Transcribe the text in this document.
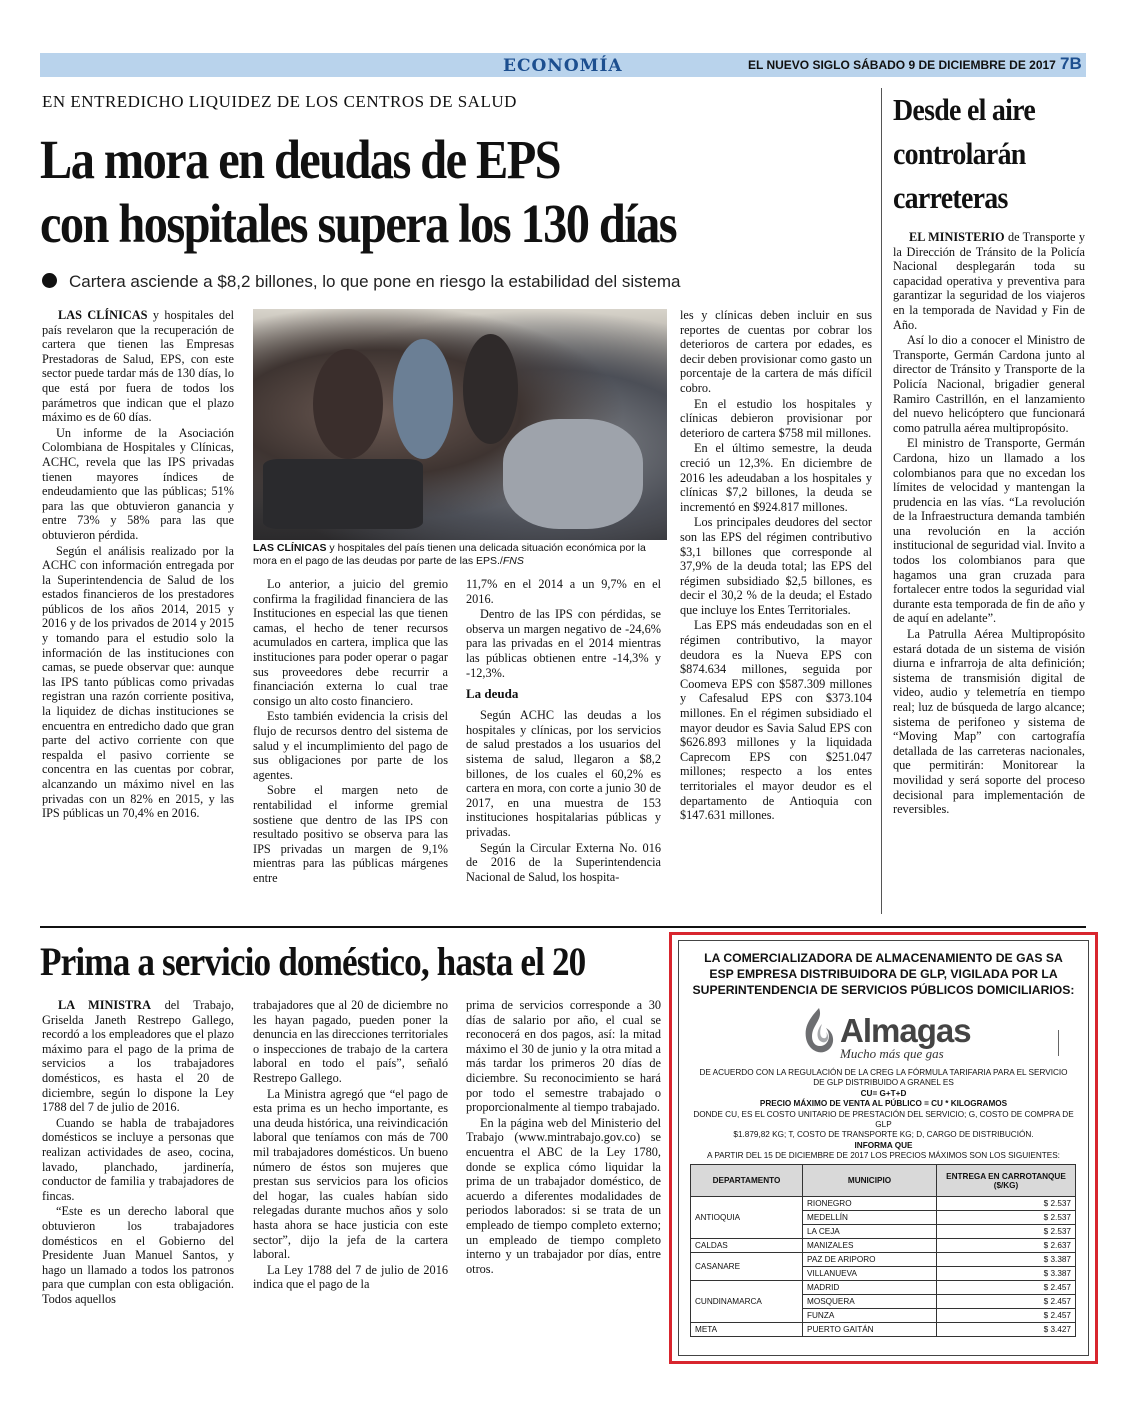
ECONOMÍA	EL NUEVO SIGLO SÁBADO 9 DE DICIEMBRE DE 2017 7B
EN ENTREDICHO LIQUIDEZ DE LOS CENTROS DE SALUD
La mora en deudas de EPS
con hospitales supera los 130 días
Cartera asciende a $8,2 billones, lo que pone en riesgo la estabilidad del sistema

LAS CLÍNICAS y hospitales del país revelaron que la recuperación de cartera que tienen las Empresas Prestadoras de Salud, EPS, con este sector puede tardar más de 130 días, lo que está por fuera de todos los parámetros que indican que el plazo máximo es de 60 días.

Un informe de la Asociación Colombiana de Hospitales y Clínicas, ACHC, revela que las IPS privadas tienen mayores índices de endeudamiento que las públicas; 51% para las que obtuvieron ganancia y entre 73% y 58% para las que obtuvieron pérdida.

Según el análisis realizado por la ACHC con información entregada por la Superintendencia de Salud de los estados financieros de los prestadores públicos de los años 2014, 2015 y 2016 y de los privados de 2014 y 2015 y tomando para el estudio solo la información de las instituciones con camas, se puede observar que: aunque las IPS tanto públicas como privadas registran una razón corriente positiva, la liquidez de dichas instituciones se encuentra en entredicho dado que gran parte del activo corriente con que respalda el pasivo corriente se concentra en las cuentas por cobrar, alcanzando un máximo nivel en las privadas con un 82% en 2015, y las IPS públicas un 70,4% en 2016.

LAS CLÍNICAS y hospitales del país tienen una delicada situación económica por la mora en el pago de las deudas por parte de las EPS./FNS

Lo anterior, a juicio del gremio confirma la fragilidad financiera de las Instituciones en especial las que tienen camas, el hecho de tener recursos acumulados en cartera, implica que las instituciones para poder operar o pagar sus proveedores debe recurrir a financiación externa lo cual trae consigo un alto costo financiero.

Esto también evidencia la crisis del flujo de recursos dentro del sistema de salud y el incumplimiento del pago de sus obligaciones por parte de los agentes.

Sobre el margen neto de rentabilidad el informe gremial sostiene que dentro de las IPS con resultado positivo se observa para las IPS privadas un margen de 9,1% mientras para las públicas márgenes entre

11,7% en el 2014 a un 9,7% en el 2016.

Dentro de las IPS con pérdidas, se observa un margen negativo de -24,6% para las privadas en el 2014 mientras las públicas obtienen entre -14,3% y -12,3%.

La deuda

Según ACHC las deudas a los hospitales y clínicas, por los servicios de salud prestados a los usuarios del sistema de salud, llegaron a $8,2 billones, de los cuales el 60,2% es cartera en mora, con corte a junio 30 de 2017, en una muestra de 153 instituciones hospitalarias públicas y privadas.

Según la Circular Externa No. 016 de 2016 de la Superintendencia Nacional de Salud, los hospita-

les y clínicas deben incluir en sus reportes de cuentas por cobrar los deterioros de cartera por edades, es decir deben provisionar como gasto un porcentaje de la cartera de más difícil cobro.

En el estudio los hospitales y clínicas debieron provisionar por deterioro de cartera $758 mil millones.

En el último semestre, la deuda creció un 12,3%. En diciembre de 2016 les adeudaban a los hospitales y clínicas $7,2 billones, la deuda se incrementó en $924.817 millones.

Los principales deudores del sector son las EPS del régimen contributivo $3,1 billones que corresponde al 37,9% de la deuda total; las EPS del régimen subsidiado $2,5 billones, es decir el 30,2 % de la deuda; el Estado que incluye los Entes Territoriales.

Las EPS más endeudadas son en el régimen contributivo, la mayor deudora es la Nueva EPS con $874.634 millones, seguida por Coomeva EPS con $587.309 millones y Cafesalud EPS con $373.104 millones. En el régimen subsidiado el mayor deudor es Savia Salud EPS con $626.893 millones y la liquidada Caprecom EPS con $251.047 millones; respecto a los entes territoriales el mayor deudor es el departamento de Antioquia con $147.631 millones.

Desde el aire
controlarán
carreteras

EL MINISTERIO de Transporte y la Dirección de Tránsito de la Policía Nacional desplegarán toda su capacidad operativa y preventiva para garantizar la seguridad de los viajeros en la temporada de Navidad y Fin de Año.

Así lo dio a conocer el Ministro de Transporte, Germán Cardona junto al director de Tránsito y Transporte de la Policía Nacional, brigadier general Ramiro Castrillón, en el lanzamiento del nuevo helicóptero que funcionará como patrulla aérea multipropósito.

El ministro de Transporte, Germán Cardona, hizo un llamado a los colombianos para que no excedan los límites de velocidad y mantengan la prudencia en las vías. “La revolución de la Infraestructura demanda también una revolución en la acción institucional de seguridad vial. Invito a todos los colombianos para que hagamos una gran cruzada para fortalecer entre todos la seguridad vial durante esta temporada de fin de año y de aquí en adelante”.

La Patrulla Aérea Multipropósito estará dotada de un sistema de visión diurna e infrarroja de alta definición; sistema de transmisión digital de video, audio y telemetría en tiempo real; luz de búsqueda de largo alcance; sistema de perifoneo y sistema de “Moving Map” con cartografía detallada de las carreteras nacionales, que permitirán: Monitorear la movilidad y será soporte del proceso decisional para implementación de reversibles.

Prima a servicio doméstico, hasta el 20

LA MINISTRA del Trabajo, Griselda Janeth Restrepo Gallego, recordó a los empleadores que el plazo máximo para el pago de la prima de servicios a los trabajadores domésticos, es hasta el 20 de diciembre, según lo dispone la Ley 1788 del 7 de julio de 2016.

Cuando se habla de trabajadores domésticos se incluye a personas que realizan actividades de aseo, cocina, lavado, planchado, jardinería, conductor de familia y trabajadores de fincas.

“Este es un derecho laboral que obtuvieron los trabajadores domésticos en el Gobierno del Presidente Juan Manuel Santos, y hago un llamado a todos los patronos para que cumplan con esta obligación. Todos aquellos

trabajadores que al 20 de diciembre no les hayan pagado, pueden poner la denuncia en las direcciones territoriales o inspecciones de trabajo de la cartera laboral en todo el país”, señaló Restrepo Gallego.

La Ministra agregó que “el pago de esta prima es un hecho importante, es una deuda histórica, una reivindicación laboral que teníamos con más de 700 mil trabajadores domésticos. Un bueno número de éstos son mujeres que prestan sus servicios para los oficios del hogar, las cuales habían sido relegadas durante muchos años y solo hasta ahora se hace justicia con este sector”, dijo la jefa de la cartera laboral.

La Ley 1788 del 7 de julio de 2016 indica que el pago de la

prima de servicios corresponde a 30 días de salario por año, el cual se reconocerá en dos pagos, así: la mitad máximo el 30 de junio y la otra mitad a más tardar los primeros 20 días de diciembre. Su reconocimiento se hará por todo el semestre trabajado o proporcionalmente al tiempo trabajado.

En la página web del Ministerio del Trabajo (www.mintrabajo.gov.co) se encuentra el ABC de la Ley 1780, donde se explica cómo liquidar la prima de un trabajador doméstico, de acuerdo a diferentes modalidades de periodos laborados: si se trata de un empleado de tiempo completo externo; un empleado de tiempo completo interno y un trabajador por días, entre otros.

LA COMERCIALIZADORA DE ALMACENAMIENTO DE GAS SA
ESP EMPRESA DISTRIBUIDORA DE GLP, VIGILADA POR LA
SUPERINTENDENCIA DE SERVICIOS PÚBLICOS DOMICILIARIOS:
Almagas
Mucho más que gas
DE ACUERDO CON LA REGULACIÓN DE LA CREG LA FÓRMULA TARIFARIA PARA EL SERVICIO
DE GLP DISTRIBUIDO A GRANEL ES
CU= G+T+D
PRECIO MÁXIMO DE VENTA AL PÚBLICO = CU * KILOGRAMOS
DONDE CU, ES EL COSTO UNITARIO DE PRESTACIÓN DEL SERVICIO; G, COSTO DE COMPRA DE GLP
$1.879,82 KG; T, COSTO DE TRANSPORTE KG; D, CARGO DE DISTRIBUCIÓN.
INFORMA QUE
A PARTIR DEL 15 DE DICIEMBRE DE 2017 LOS PRECIOS MÁXIMOS SON LOS SIGUIENTES:
DEPARTAMENTO	MUNICIPIO	ENTREGA EN CARROTANQUE ($/KG)
ANTIOQUIA	RIONEGRO	$ 2.537
	MEDELLÍN	$ 2.537
	LA CEJA	$ 2.537
CALDAS	MANIZALES	$ 2.637
CASANARE	PAZ DE ARIPORO	$ 3.387
	VILLANUEVA	$ 3.387
CUNDINAMARCA	MADRID	$ 2.457
	MOSQUERA	$ 2.457
	FUNZA	$ 2.457
META	PUERTO GAITÁN	$ 3.427
